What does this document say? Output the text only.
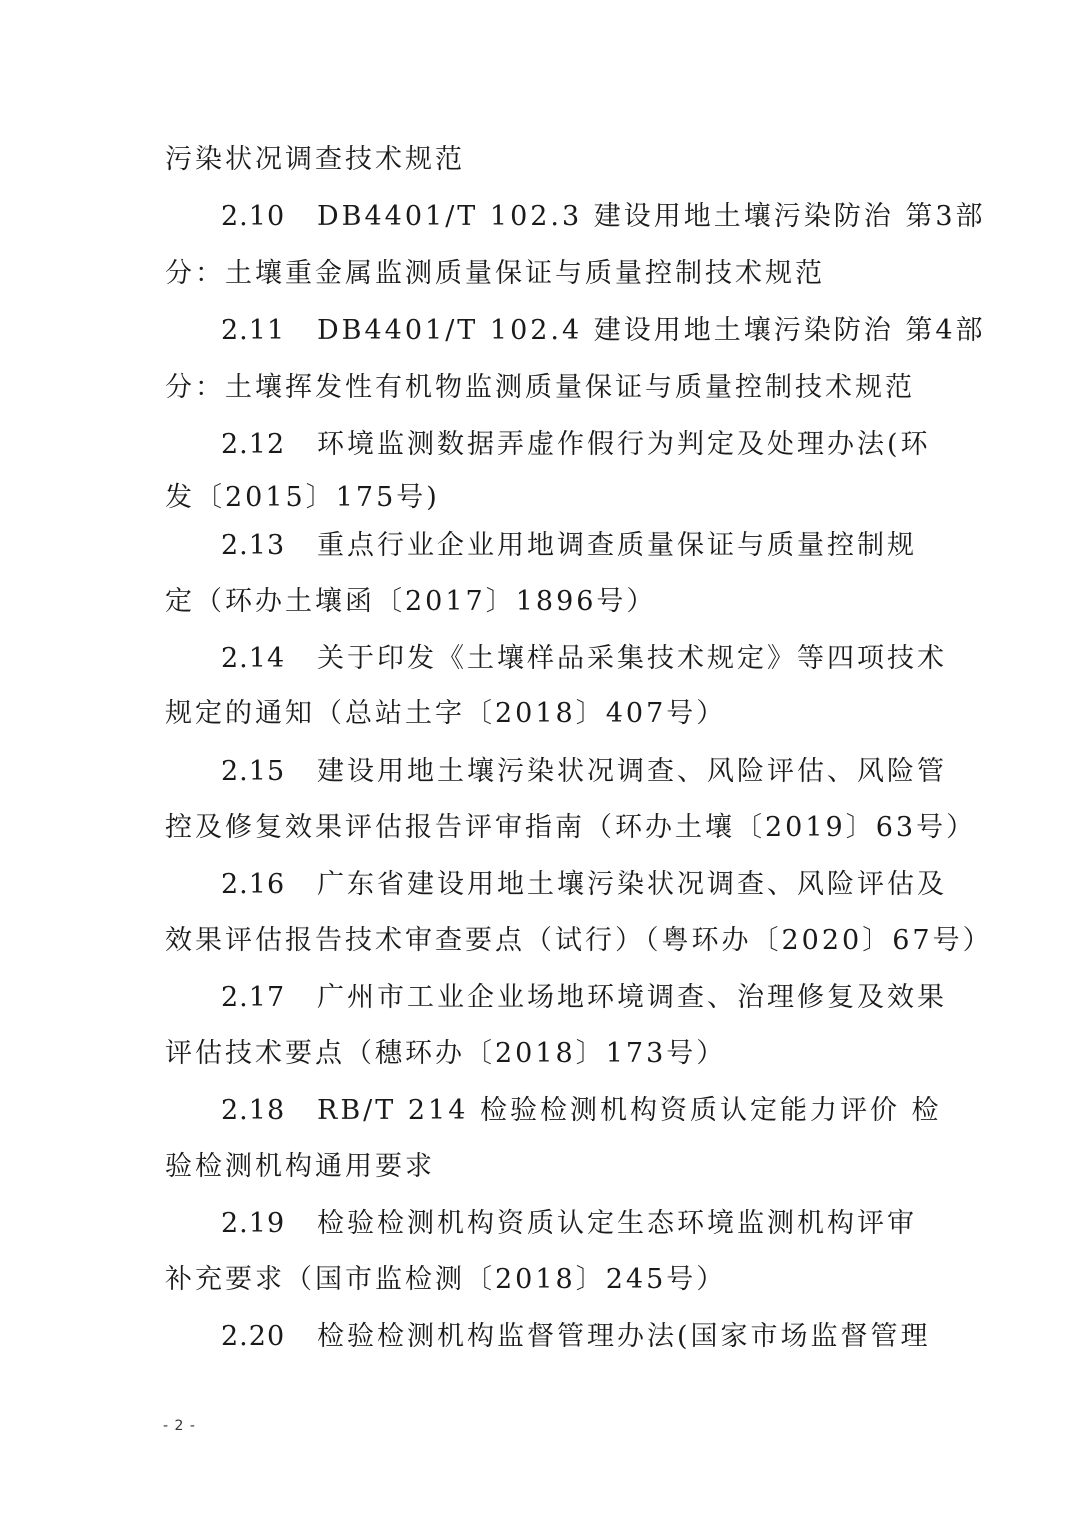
污染状况调查技术规范
2.10 DB4401/T 102.3 建设用地土壤污染防治 第3部
分：土壤重金属监测质量保证与质量控制技术规范
2.11 DB4401/T 102.4 建设用地土壤污染防治 第4部
分：土壤挥发性有机物监测质量保证与质量控制技术规范
2.12 环境监测数据弄虚作假行为判定及处理办法(环
发〔2015〕175号)
2.13 重点行业企业用地调查质量保证与质量控制规
定（环办土壤函〔2017〕1896号）
2.14 关于印发《土壤样品采集技术规定》等四项技术
规定的通知（总站土字〔2018〕407号）
2.15 建设用地土壤污染状况调查、风险评估、风险管
控及修复效果评估报告评审指南（环办土壤〔2019〕63号）
2.16 广东省建设用地土壤污染状况调查、风险评估及
效果评估报告技术审查要点（试行）（粤环办〔2020〕67号）
2.17 广州市工业企业场地环境调查、治理修复及效果
评估技术要点（穗环办〔2018〕173号）
2.18 RB/T 214 检验检测机构资质认定能力评价 检
验检测机构通用要求
2.19 检验检测机构资质认定生态环境监测机构评审
补充要求（国市监检测〔2018〕245号）
2.20 检验检测机构监督管理办法(国家市场监督管理
- 2 -
